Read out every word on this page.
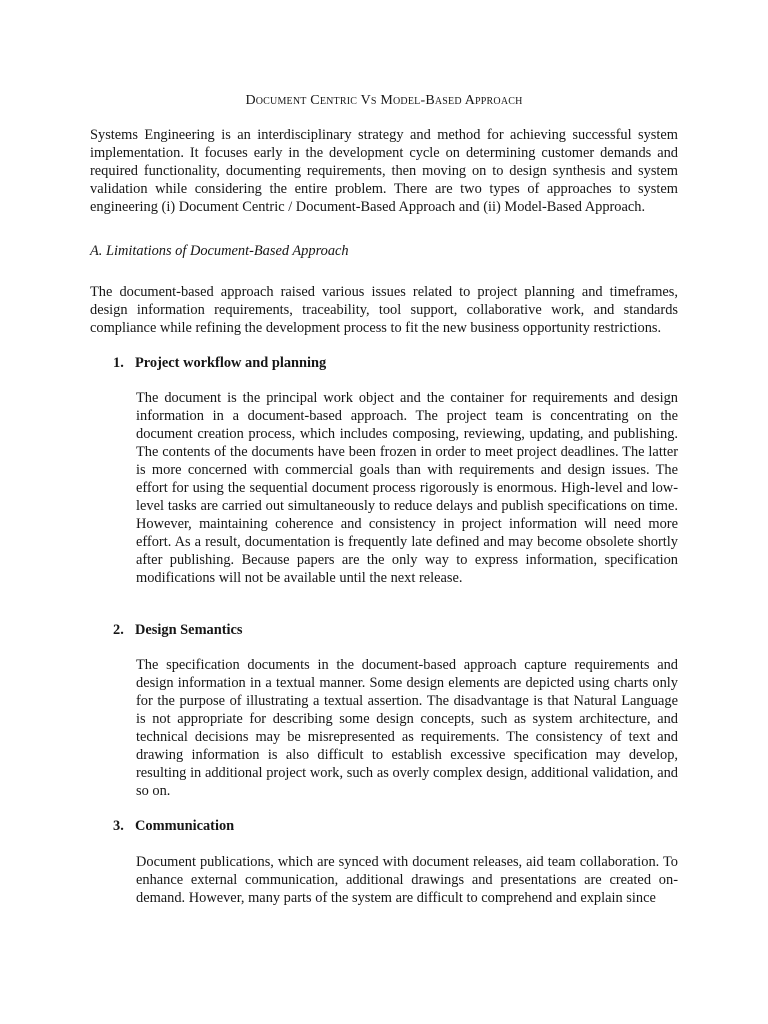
Document Centric Vs Model-Based Approach

Systems Engineering is an interdisciplinary strategy and method for achieving successful system implementation. It focuses early in the development cycle on determining customer demands and required functionality, documenting requirements, then moving on to design synthesis and system validation while considering the entire problem. There are two types of approaches to system engineering (i) Document Centric / Document-Based Approach and (ii) Model-Based Approach.

A. Limitations of Document-Based Approach

The document-based approach raised various issues related to project planning and timeframes, design information requirements, traceability, tool support, collaborative work, and standards compliance while refining the development process to fit the new business opportunity restrictions.

1. Project workflow and planning

The document is the principal work object and the container for requirements and design information in a document-based approach. The project team is concentrating on the document creation process, which includes composing, reviewing, updating, and publishing. The contents of the documents have been frozen in order to meet project deadlines. The latter is more concerned with commercial goals than with requirements and design issues. The effort for using the sequential document process rigorously is enormous. High-level and low-level tasks are carried out simultaneously to reduce delays and publish specifications on time. However, maintaining coherence and consistency in project information will need more effort. As a result, documentation is frequently late defined and may become obsolete shortly after publishing. Because papers are the only way to express information, specification modifications will not be available until the next release.

2. Design Semantics

The specification documents in the document-based approach capture requirements and design information in a textual manner. Some design elements are depicted using charts only for the purpose of illustrating a textual assertion. The disadvantage is that Natural Language is not appropriate for describing some design concepts, such as system architecture, and technical decisions may be misrepresented as requirements. The consistency of text and drawing information is also difficult to establish excessive specification may develop, resulting in additional project work, such as overly complex design, additional validation, and so on.

3. Communication

Document publications, which are synced with document releases, aid team collaboration. To enhance external communication, additional drawings and presentations are created on-demand. However, many parts of the system are difficult to comprehend and explain since
